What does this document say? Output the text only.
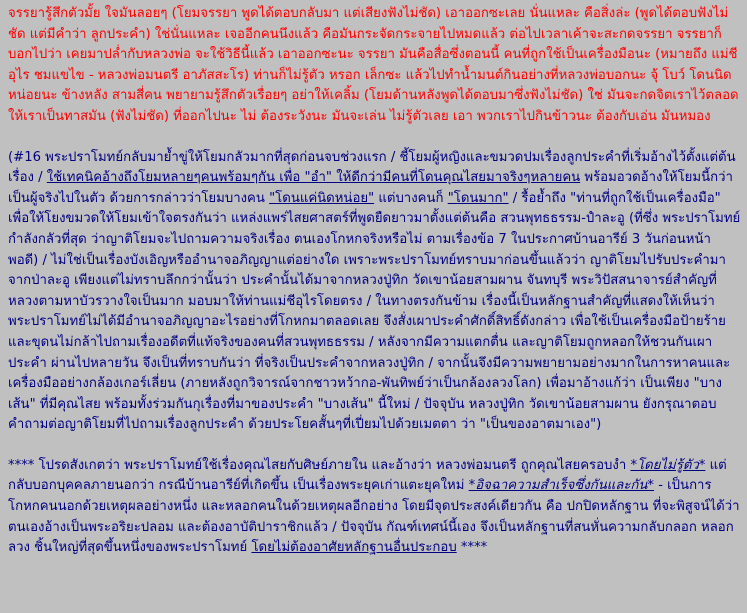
จรรยารู้สึกตัวมั้ย ใจมันลอยๆ (โยมจรรยา พูดได้ตอบกลับมา แต่เสียงฟังไม่ชัด) เอาออกซะเลย นั่นแหละ คือสิ่งล่ะ (พูดได้ตอบฟังไม่ชัด แต่มีคำว่า ลูกประคำ) ใช่นั่นแหละ เจออีกคนนึงแล้ว คือมันกระจัดกระจายไปหมดแล้ว ต่อไปเวลาเค้าจะสะกดจรรยา จรรยาก็บอกไปว่า เคยมาปล่ำกับหลวงพ่อ จะใช้วิธีนี้แล้ว เอาออกซะนะ จรรยา มันคือสื่อซึ่งตอนนี้ คนที่ถูกใช้เป็นเครื่องมือนะ (หมายถึง แม่ชีอุไร ชมแขไข - หลวงพ่อมนตรี อาภัสสะโร) ท่านก็ไม่รู้ตัว หรอก เล็กซะ แล้วไปทำน้ำมนต์กินอย่างที่หลวงพ่อบอกนะ จุ้ โบว์ โดนนิดหน่อยนะ ข้างหลัง สามสี่คน พยายามรู้สึกตัวเรื่อยๆ อย่าให้เคลิ้ม (โยมด้านหลังพูดได้ตอบมาซึ่งฟังไม่ชัด) ใช่ มันจะกดจิตเราไว้ตลอดให้เราเป็นทาสมัน (ฟังไม่ชัด) ที่ออกไปนะ ไม่ ต้องระวังนะ มันจะเล่น ไม่รู้ตัวเลย เอา พวกเราไปกินข้าวนะ ต้องกับเอ่น มันหมอง

(#16 พระปราโมทย์กลับมาย้ำขู่ให้โยมกลัวมากที่สุดก่อนจบช่วงแรก / ชี้โยมผู้หญิงและขมวดปมเรื่องลูกประคำที่เริ่มอ้างไว้ตั้งแต่ต้นเรื่อง / ใช้เทคนิคอ้างถึงโยมหลายๆคนพร้อมๆกัน เพื่อ "อำ" ให้ดีกว่ามีคนที่โดนคุณไสยมาจริงๆหลายคน พร้อมอวดอ้างให้โยมนี้กว่าเป็นผู้จริงไปในตัว ด้วยการกล่าวว่าโยมบางคน "โดนแค่นิดหน่อย" แต่บางคนก็ "โดนมาก" / รื้อย้ำถึง "ท่านที่ถูกใช้เป็นเครื่องมือ" เพื่อให้โยงขมวดให้โยมเข้าใจตรงกันว่า แหล่งแพร่ไสยศาสตร์ที่พูดยืดยาวมาตั้งแต่ต้นคือ สวนพุทธธรรม-ปำละอู (ที่ซึ่ง พระปราโมทย์กำลังกลัวที่สุด ว่าญาติโยมจะไปถามความจริงเรื่อง ตนเองโกหกจริงหรือไม่ ตามเรื่องข้อ 7 ในประกาศบ้านอารีย์ 3 วันก่อนหน้า พอดี) / ไม่ใช่เป็นเรื่องบังเอิญหรืออำนาจอภิญญาแต่อย่างใด เพราะพระปราโมทย์ทราบมาก่อนขึ้นแล้วว่า ญาติโยมไปรับประคำมาจากป่าละอู เพียงแต่ไม่ทราบลึกกว่านั้นว่า ประคำนั้นได้มาจากหลวงปู่ทิก วัดเขาน้อยสามผาน จันทบุรี พระวิปัสสนาจารย์สำคัญที่หลวงตามหาบัวรวางใจเป็นมาก มอบมาให้ท่านแม่ชีอุไรโดยตรง / ในทางตรงกันข้าม เรื่องนี้เป็นหลักฐานสำคัญที่แสดงให้เห็นว่า พระปราโมทย์ไม่ได้มีอำนาจอภิญญาอะไรอย่างที่โกหกมาตลอดเลย จึงสั่งเผาประคำศักดิ์สิทธิ์ดังกล่าว เพื่อใช้เป็นเครื่องมือป้ายร้าย และขุดนไม่กล้าไปถามเรื่องอดีตที่แท้จริงของคนที่สวนพุทธธรรม / หลังจากมีความแตกตื่น และญาติโยมถูกหลอกให้ชวนกันเผาประคำ ผ่านไปหลายวัน จึงเป็นที่ทราบกันว่า ที่จริงเป็นประคำจากหลวงปู่ทิก / จากนั้นจึงมีความพยายามอย่างมากในการหาคนและเครื่องมืออย่างกล้องเกอร์เลี่ยน (ภายหลังถูกวิจารณ์จากชาวหว้ากอ-พันทิพย์ว่าเป็นกล้องลวงโลก) เพื่อมาอ้างแก้ว่า เป็นเพียง "บางเส้น" ที่มีคุณไสย พร้อมทั้งร่วมกันกุเรื่องที่มาของประคำ "บางเส้น" นี้ใหม่ / ปัจจุบัน หลวงปู่ทิก วัดเขาน้อยสามผาน ยังกรุณาตอบคำถามต่อญาติโยมที่ไปถามเรื่องลูกประคำ ด้วยประโยคสั้นๆที่เปี่ยมไปด้วยเมตตา ว่า "เป็นของอาตมาเอง")

**** โปรดสังเกตว่า พระปราโมทย์ใช้เรื่องคุณไสยกับศิษย์ภายใน และอ้างว่า หลวงพ่อมนตรี ถูกคุณไสยครอบงำ *โดยไม่รู้ตัว* แต่กลับบอกบุคคลภายนอกว่า กรณีบ้านอารีย์ที่เกิดขึ้น เป็นเรื่องพระยุคเก่าแตะยุคใหม่ *อิจฉาความสำเร็จซึ่งกันและกัน* - เป็นการโกหกคนนอกด้วยเหตุผลอย่างหนึ่ง และหลอกคนในด้วยเหตุผลอีกอย่าง โดยมีจุดประสงค์เดียวกัน คือ ปกปิดหลักฐาน ที่จะพิสูจน์ได้ว่าตนเองอ้างเป็นพระอริยะปลอม และต้องอาบัติปาราชิกแล้ว / ปัจจุบัน กัณฑ์เทศน์นี้เอง จึงเป็นหลักฐานที่สนหั่นความกลับกลอก หลอกลวง ชิ้นใหญ่ที่สุดขึ้นหนึ่งของพระปราโมทย์ โดยไม่ต้องอาศัยหลักฐานอื่นประกอบ ****
